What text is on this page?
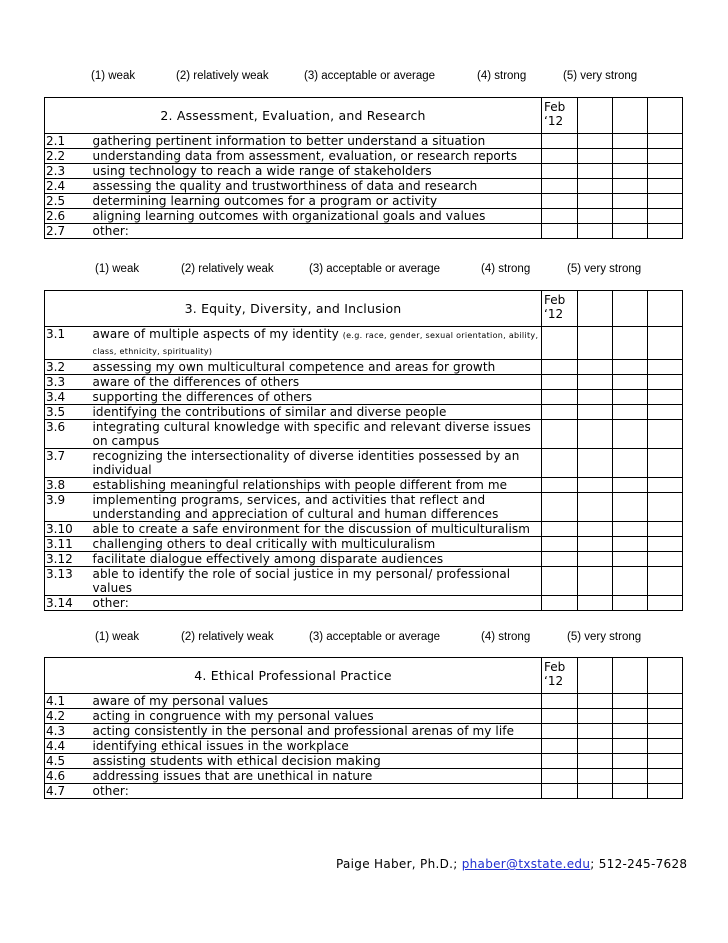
(1) weak	(2) relatively weak	(3) acceptable or average	(4) strong	(5) very strong
2. Assessment, Evaluation, and Research		Feb
‘12			
2.1	gathering pertinent information to better understand a situation				
2.2	understanding data from assessment, evaluation, or research reports				
2.3	using technology to reach a wide range of stakeholders				
2.4	assessing the quality and trustworthiness of data and research				
2.5	determining learning outcomes for a program or activity				
2.6	aligning learning outcomes with organizational goals and values				
2.7	other:				
(1) weak	(2) relatively weak	(3) acceptable or average	(4) strong	(5) very strong
3. Equity, Diversity, and Inclusion		Feb
‘12			
3.1	aware of multiple aspects of my identity (e.g. race, gender, sexual orientation, ability, class, ethnicity, spirituality)				
3.2	assessing my own multicultural competence and areas for growth				
3.3	aware of the differences of others				
3.4	supporting the differences of others				
3.5	identifying the contributions of similar and diverse people				
3.6	integrating cultural knowledge with specific and relevant diverse issues on campus				
3.7	recognizing the intersectionality of diverse identities possessed by an individual				
3.8	establishing meaningful relationships with people different from me				
3.9	implementing programs, services, and activities that reflect and understanding and appreciation of cultural and human differences				
3.10	able to create a safe environment for the discussion of multiculturalism				
3.11	challenging others to deal critically with multiculuralism				
3.12	facilitate dialogue effectively among disparate audiences				
3.13	able to identify the role of social justice in my personal/ professional values				
3.14	other:				
(1) weak	(2) relatively weak	(3) acceptable or average	(4) strong	(5) very strong
4. Ethical Professional Practice		Feb
‘12			
4.1	aware of my personal values				
4.2	acting in congruence with my personal values				
4.3	acting consistently in the personal and professional arenas of my life				
4.4	identifying ethical issues in the workplace				
4.5	assisting students with ethical decision making				
4.6	addressing issues that are unethical in nature				
4.7	other:				
Paige Haber, Ph.D.; phaber@txstate.edu; 512-245-7628
